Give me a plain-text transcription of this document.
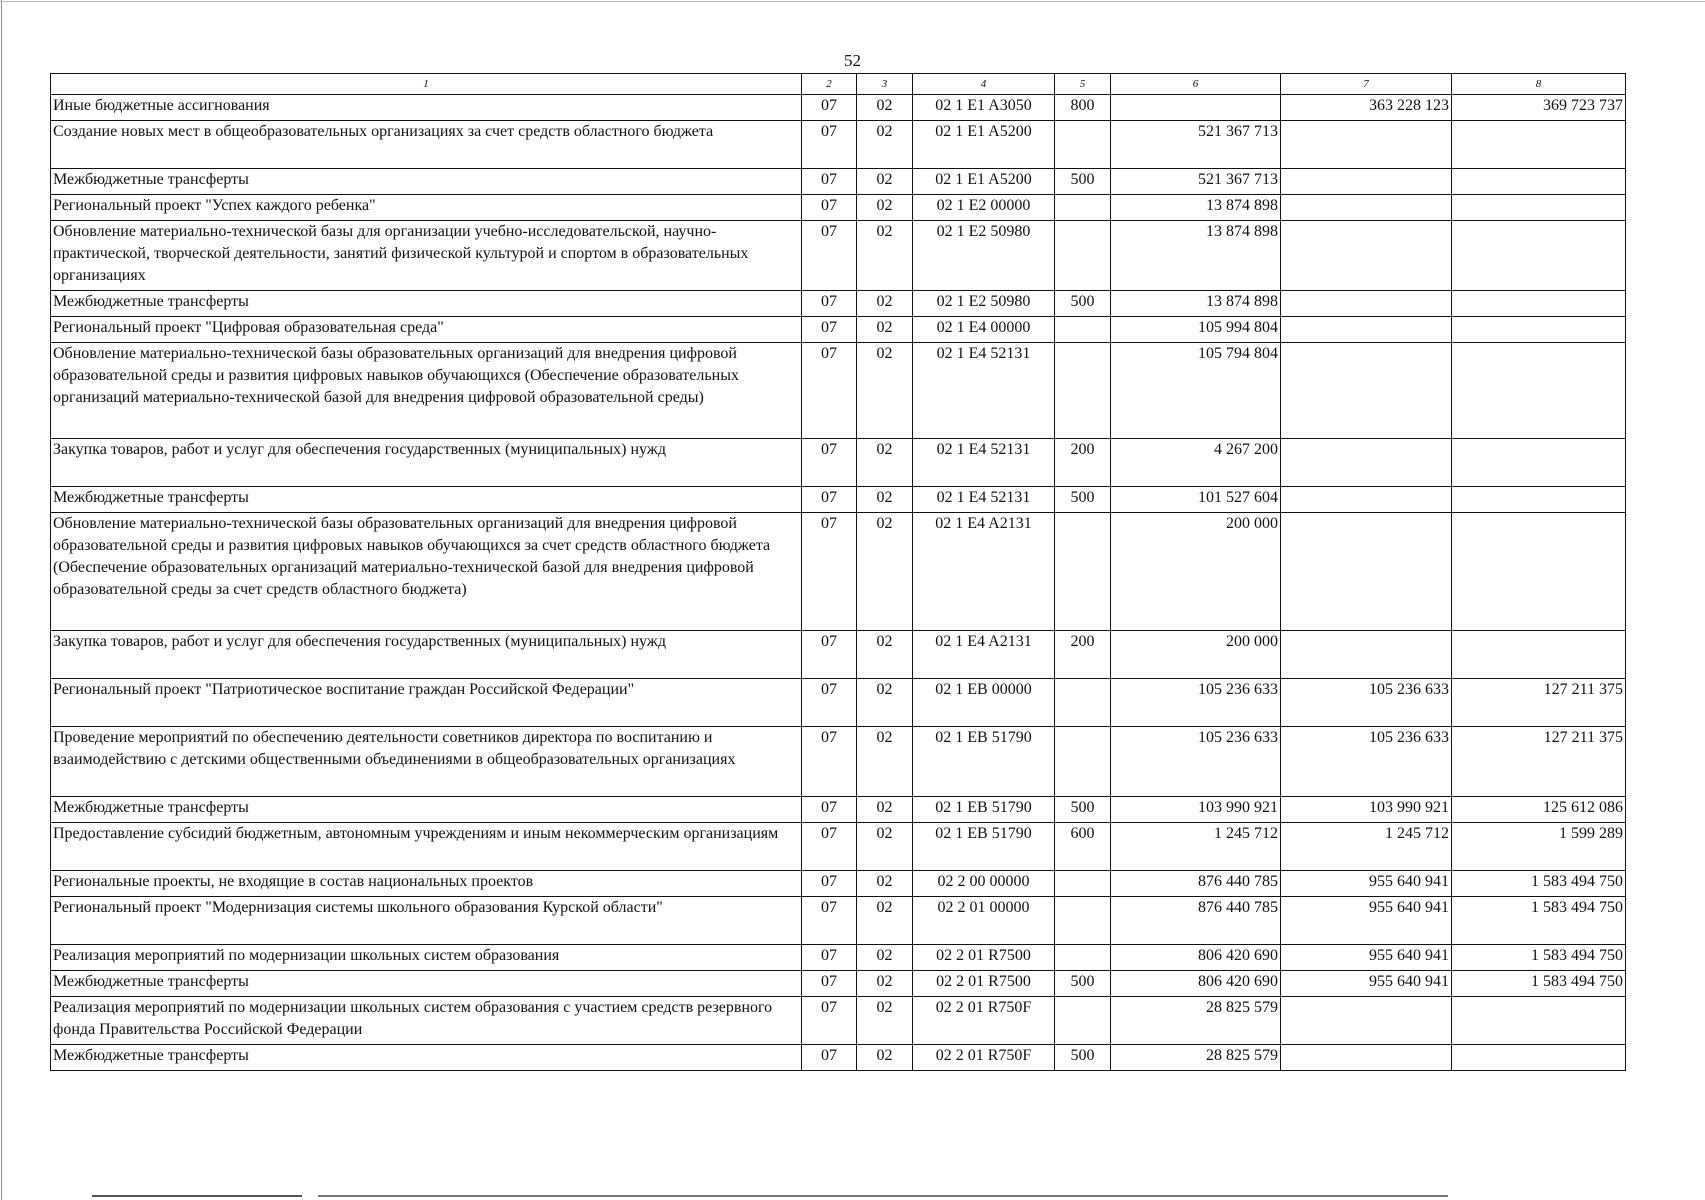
52
1	2	3	4	5	6	7	8
Иные бюджетные ассигнования	07	02	02 1 E1 A3050	800		363 228 123	369 723 737
Создание новых мест в общеобразовательных организациях за счет средств областного бюджета	07	02	02 1 E1 A5200		521 367 713		
Межбюджетные трансферты	07	02	02 1 E1 A5200	500	521 367 713		
Региональный проект "Успех каждого ребенка"	07	02	02 1 E2 00000		13 874 898		
Обновление материально-технической базы для организации учебно-исследовательской, научно-практической, творческой деятельности, занятий физической культурой и спортом в образовательных организациях	07	02	02 1 E2 50980		13 874 898		
Межбюджетные трансферты	07	02	02 1 E2 50980	500	13 874 898		
Региональный проект "Цифровая образовательная среда"	07	02	02 1 E4 00000		105 994 804		
Обновление материально-технической базы образовательных организаций для внедрения цифровой образовательной среды и развития цифровых навыков обучающихся (Обеспечение образовательных организаций материально-технической базой для внедрения цифровой образовательной среды)	07	02	02 1 E4 52131		105 794 804		
Закупка товаров, работ и услуг для обеспечения государственных (муниципальных) нужд	07	02	02 1 E4 52131	200	4 267 200		
Межбюджетные трансферты	07	02	02 1 E4 52131	500	101 527 604		
Обновление материально-технической базы образовательных организаций для внедрения цифровой образовательной среды и развития цифровых навыков обучающихся за счет средств областного бюджета (Обеспечение образовательных организаций материально-технической базой для внедрения цифровой образовательной среды за счет средств областного бюджета)	07	02	02 1 E4 A2131		200 000		
Закупка товаров, работ и услуг для обеспечения государственных (муниципальных) нужд	07	02	02 1 E4 A2131	200	200 000		
Региональный проект "Патриотическое воспитание граждан Российской Федерации"	07	02	02 1 EB 00000		105 236 633	105 236 633	127 211 375
Проведение мероприятий по обеспечению деятельности советников директора по воспитанию и взаимодействию с детскими общественными объединениями в общеобразовательных организациях	07	02	02 1 EB 51790		105 236 633	105 236 633	127 211 375
Межбюджетные трансферты	07	02	02 1 EB 51790	500	103 990 921	103 990 921	125 612 086
Предоставление субсидий бюджетным, автономным учреждениям и иным некоммерческим организациям	07	02	02 1 EB 51790	600	1 245 712	1 245 712	1 599 289
Региональные проекты, не входящие в состав национальных проектов	07	02	02 2 00 00000		876 440 785	955 640 941	1 583 494 750
Региональный проект "Модернизация системы школьного образования Курской области"	07	02	02 2 01 00000		876 440 785	955 640 941	1 583 494 750
Реализация мероприятий по модернизации школьных систем образования	07	02	02 2 01 R7500		806 420 690	955 640 941	1 583 494 750
Межбюджетные трансферты	07	02	02 2 01 R7500	500	806 420 690	955 640 941	1 583 494 750
Реализация мероприятий по модернизации школьных систем образования с участием средств резервного фонда Правительства Российской Федерации	07	02	02 2 01 R750F		28 825 579		
Межбюджетные трансферты	07	02	02 2 01 R750F	500	28 825 579		
